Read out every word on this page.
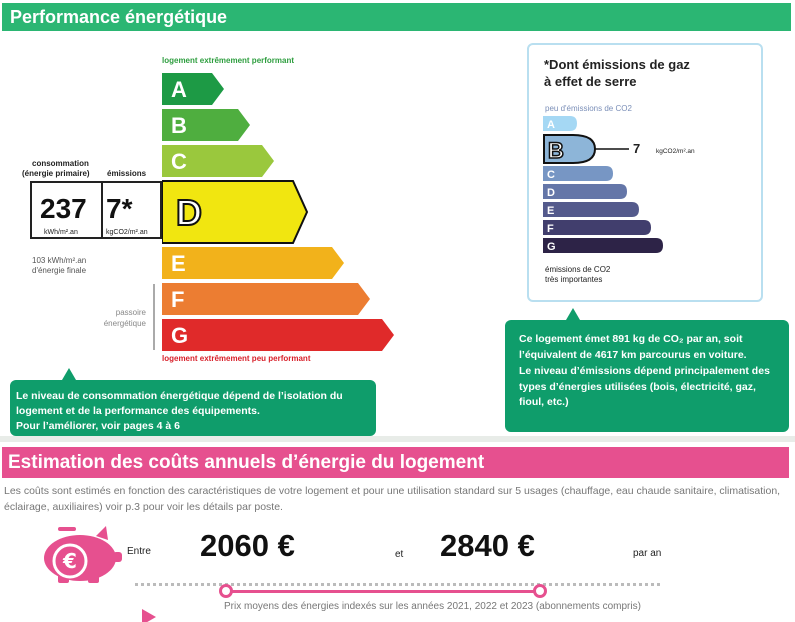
Performance énergétique
logement extrêmement performant
A
B
C
D
E
F
G
logement extrêmement peu performant
consommation
(énergie primaire) émissions
237
kWh/m².an
7*
kgCO2/m².an
103 kWh/m².an
d'énergie finale
passoire
énergétique
Le niveau de consommation énergétique dépend de l’isolation du
logement et de la performance des équipements.
Pour l’améliorer, voir pages 4 à 6
*Dont émissions de gaz
à effet de serre
peu d'émissions de CO2
A
B
C
D
E
F
G
7 kgCO2/m².an
émissions de CO2
très importantes
Ce logement émet 891 kg de CO₂ par an, soit
l’équivalent de 4617 km parcourus en voiture.
Le niveau d’émissions dépend principalement des
types d’énergies utilisées (bois, électricité, gaz,
fioul, etc.)
Estimation des coûts annuels d’énergie du logement
Les coûts sont estimés en fonction des caractéristiques de votre logement et pour une utilisation standard sur 5 usages (chauffage, eau chaude sanitaire, climatisation, éclairage, auxiliaires) voir p.3 pour voir les détails par poste.
€	Entre 2060 €	et 2840 €	par an
Prix moyens des énergies indexés sur les années 2021, 2022 et 2023 (abonnements compris)
